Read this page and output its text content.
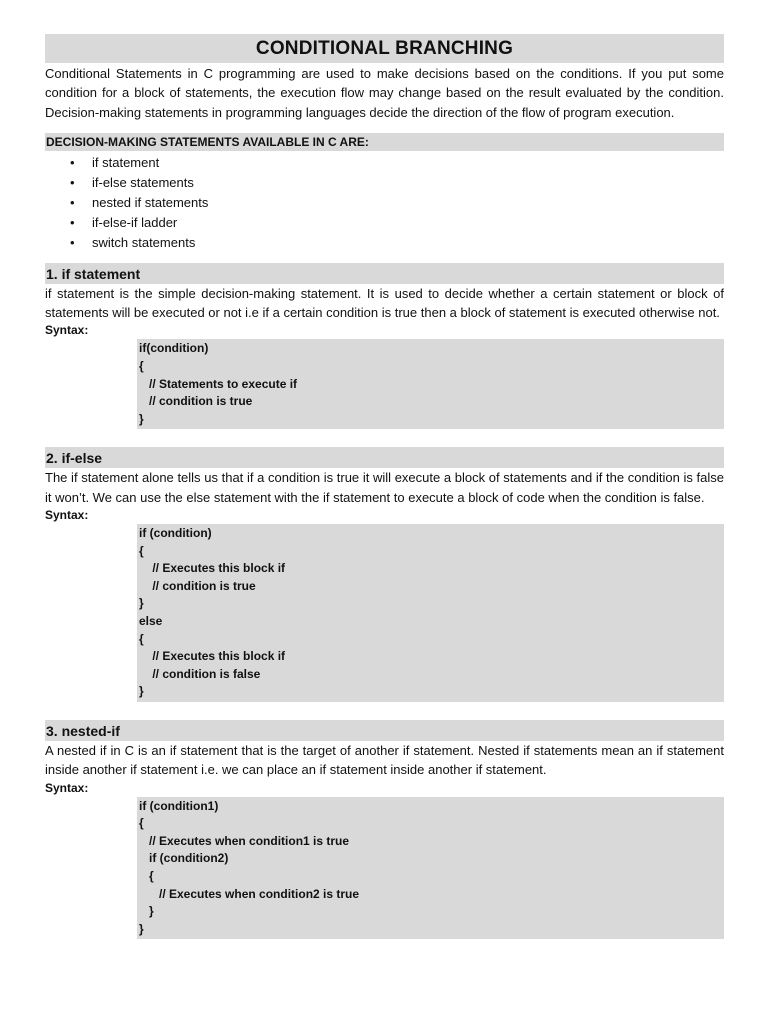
CONDITIONAL BRANCHING

Conditional Statements in C programming are used to make decisions based on the conditions. If you put some condition for a block of statements, the execution flow may change based on the result evaluated by the condition. Decision-making statements in programming languages decide the direction of the flow of program execution.

DECISION-MAKING STATEMENTS AVAILABLE IN C ARE:
• if statement
• if-else statements
• nested if statements
• if-else-if ladder
• switch statements
1. if statement

if statement is the simple decision-making statement. It is used to decide whether a certain statement or block of statements will be executed or not i.e if a certain condition is true then a block of statement is executed otherwise not.

Syntax:
if(condition)
{
// Statements to execute if
// condition is true
}
2. if-else

The if statement alone tells us that if a condition is true it will execute a block of statements and if the condition is false it won’t. We can use the else statement with the if statement to execute a block of code when the condition is false.

Syntax:
if (condition)
{
// Executes this block if
// condition is true
}
else
{
// Executes this block if
// condition is false
}
3. nested-if

A nested if in C is an if statement that is the target of another if statement. Nested if statements mean an if statement inside another if statement i.e. we can place an if statement inside another if statement.

Syntax:
if (condition1)
{
// Executes when condition1 is true
if (condition2)
{
// Executes when condition2 is true
}
}
